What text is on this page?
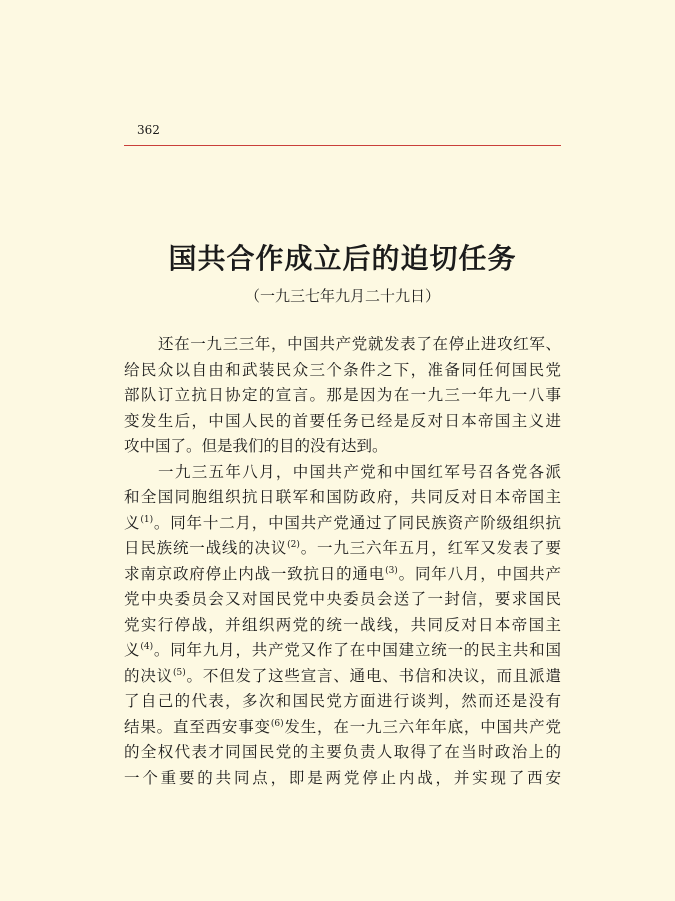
362
国共合作成立后的迫切任务
（一九三七年九月二十九日）
还在一九三三年，中国共产党就发表了在停止进攻红军、
给民众以自由和武装民众三个条件之下，准备同任何国民党
部队订立抗日协定的宣言。那是因为在一九三一年九一八事
变发生后，中国人民的首要任务已经是反对日本帝国主义进
攻中国了。但是我们的目的没有达到。
一九三五年八月，中国共产党和中国红军号召各党各派
和全国同胞组织抗日联军和国防政府，共同反对日本帝国主
义$^{(1)}$。同年十二月，中国共产党通过了同民族资产阶级组织抗
日民族统一战线的决议$^{(2)}$。一九三六年五月，红军又发表了要
求南京政府停止内战一致抗日的通电$^{(3)}$。同年八月，中国共产
党中央委员会又对国民党中央委员会送了一封信，要求国民
党实行停战，并组织两党的统一战线，共同反对日本帝国主
义$^{(4)}$。同年九月，共产党又作了在中国建立统一的民主共和国
的决议$^{(5)}$。不但发了这些宣言、通电、书信和决议，而且派遣
了自己的代表，多次和国民党方面进行谈判，然而还是没有
结果。直至西安事变$^{(6)}$发生，在一九三六年年底，中国共产党
的全权代表才同国民党的主要负责人取得了在当时政治上的
一个重要的共同点，即是两党停止内战，并实现了西安
